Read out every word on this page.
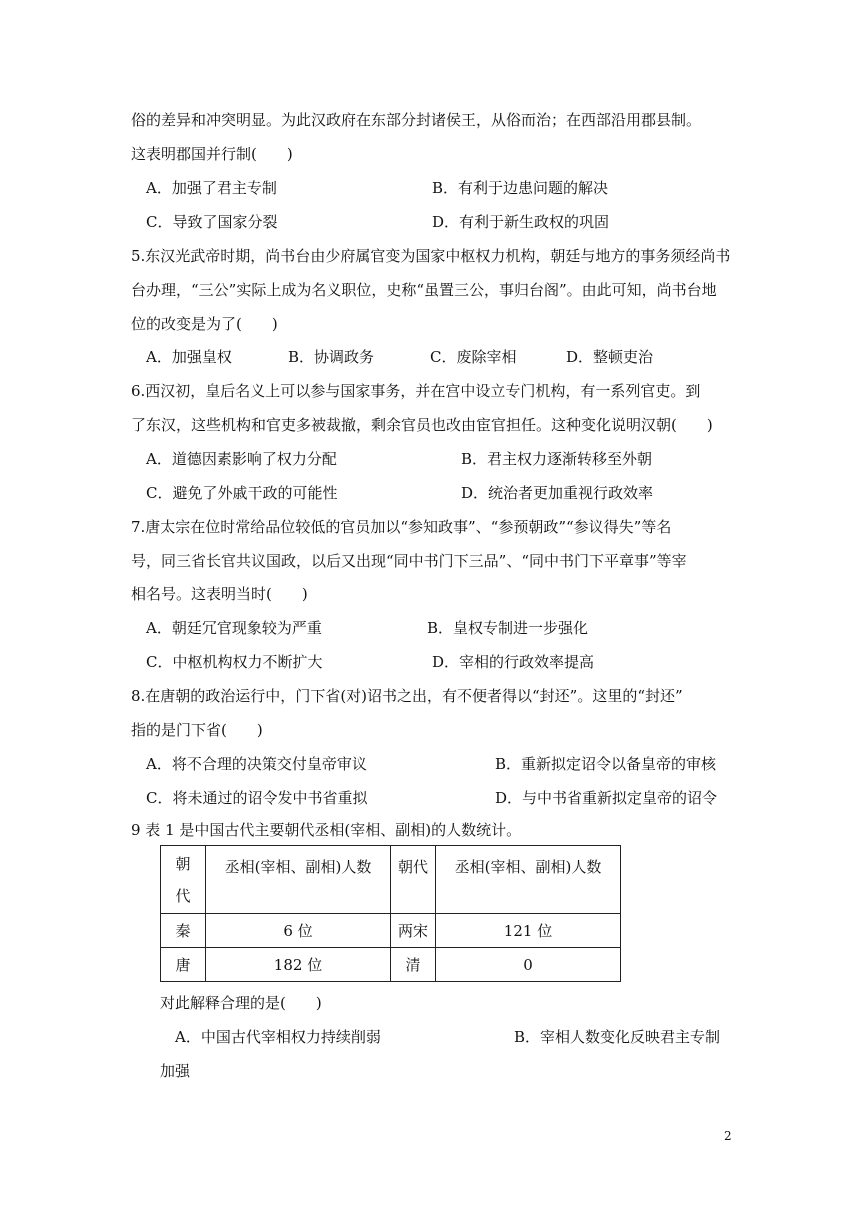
俗的差异和冲突明显。为此汉政府在东部分封诸侯王，从俗而治；在西部沿用郡县制。
这表明郡国并行制(　　)
A．加强了君主专制	B．有利于边患问题的解决
C．导致了国家分裂	D．有利于新生政权的巩固
5.东汉光武帝时期，尚书台由少府属官变为国家中枢权力机构，朝廷与地方的事务须经尚书
台办理，“三公”实际上成为名义职位，史称“虽置三公，事归台阁”。由此可知，尚书台地
位的改变是为了(　　)
A．加强皇权	B．协调政务	C．废除宰相	D．整顿吏治
6.西汉初，皇后名义上可以参与国家事务，并在宫中设立专门机构，有一系列官吏。到
了东汉，这些机构和官吏多被裁撤，剩余官员也改由宦官担任。这种变化说明汉朝(　　)
A．道德因素影响了权力分配	B．君主权力逐渐转移至外朝
C．避免了外戚干政的可能性	D．统治者更加重视行政效率
7.唐太宗在位时常给品位较低的官员加以“参知政事”、“参预朝政”“参议得失”等名
号，同三省长官共议国政，以后又出现“同中书门下三品”、“同中书门下平章事”等宰
相名号。这表明当时(　　)
A．朝廷冗官现象较为严重	B．皇权专制进一步强化
C．中枢机构权力不断扩大	D．宰相的行政效率提高
8.在唐朝的政治运行中，门下省(对)诏书之出，有不便者得以“封还”。这里的“封还”
指的是门下省(　　)
A．将不合理的决策交付皇帝审议	B．重新拟定诏令以备皇帝的审核
C．将未通过的诏令发中书省重拟	D．与中书省重新拟定皇帝的诏令
9 表 1 是中国古代主要朝代丞相(宰相、副相)的人数统计。
朝
代	丞相(宰相、副相)人数	朝代	丞相(宰相、副相)人数
秦	6 位	两宋	121 位
唐	182 位	清	0
对此解释合理的是(　　)
A．中国古代宰相权力持续削弱	B．宰相人数变化反映君主专制
加强
2
